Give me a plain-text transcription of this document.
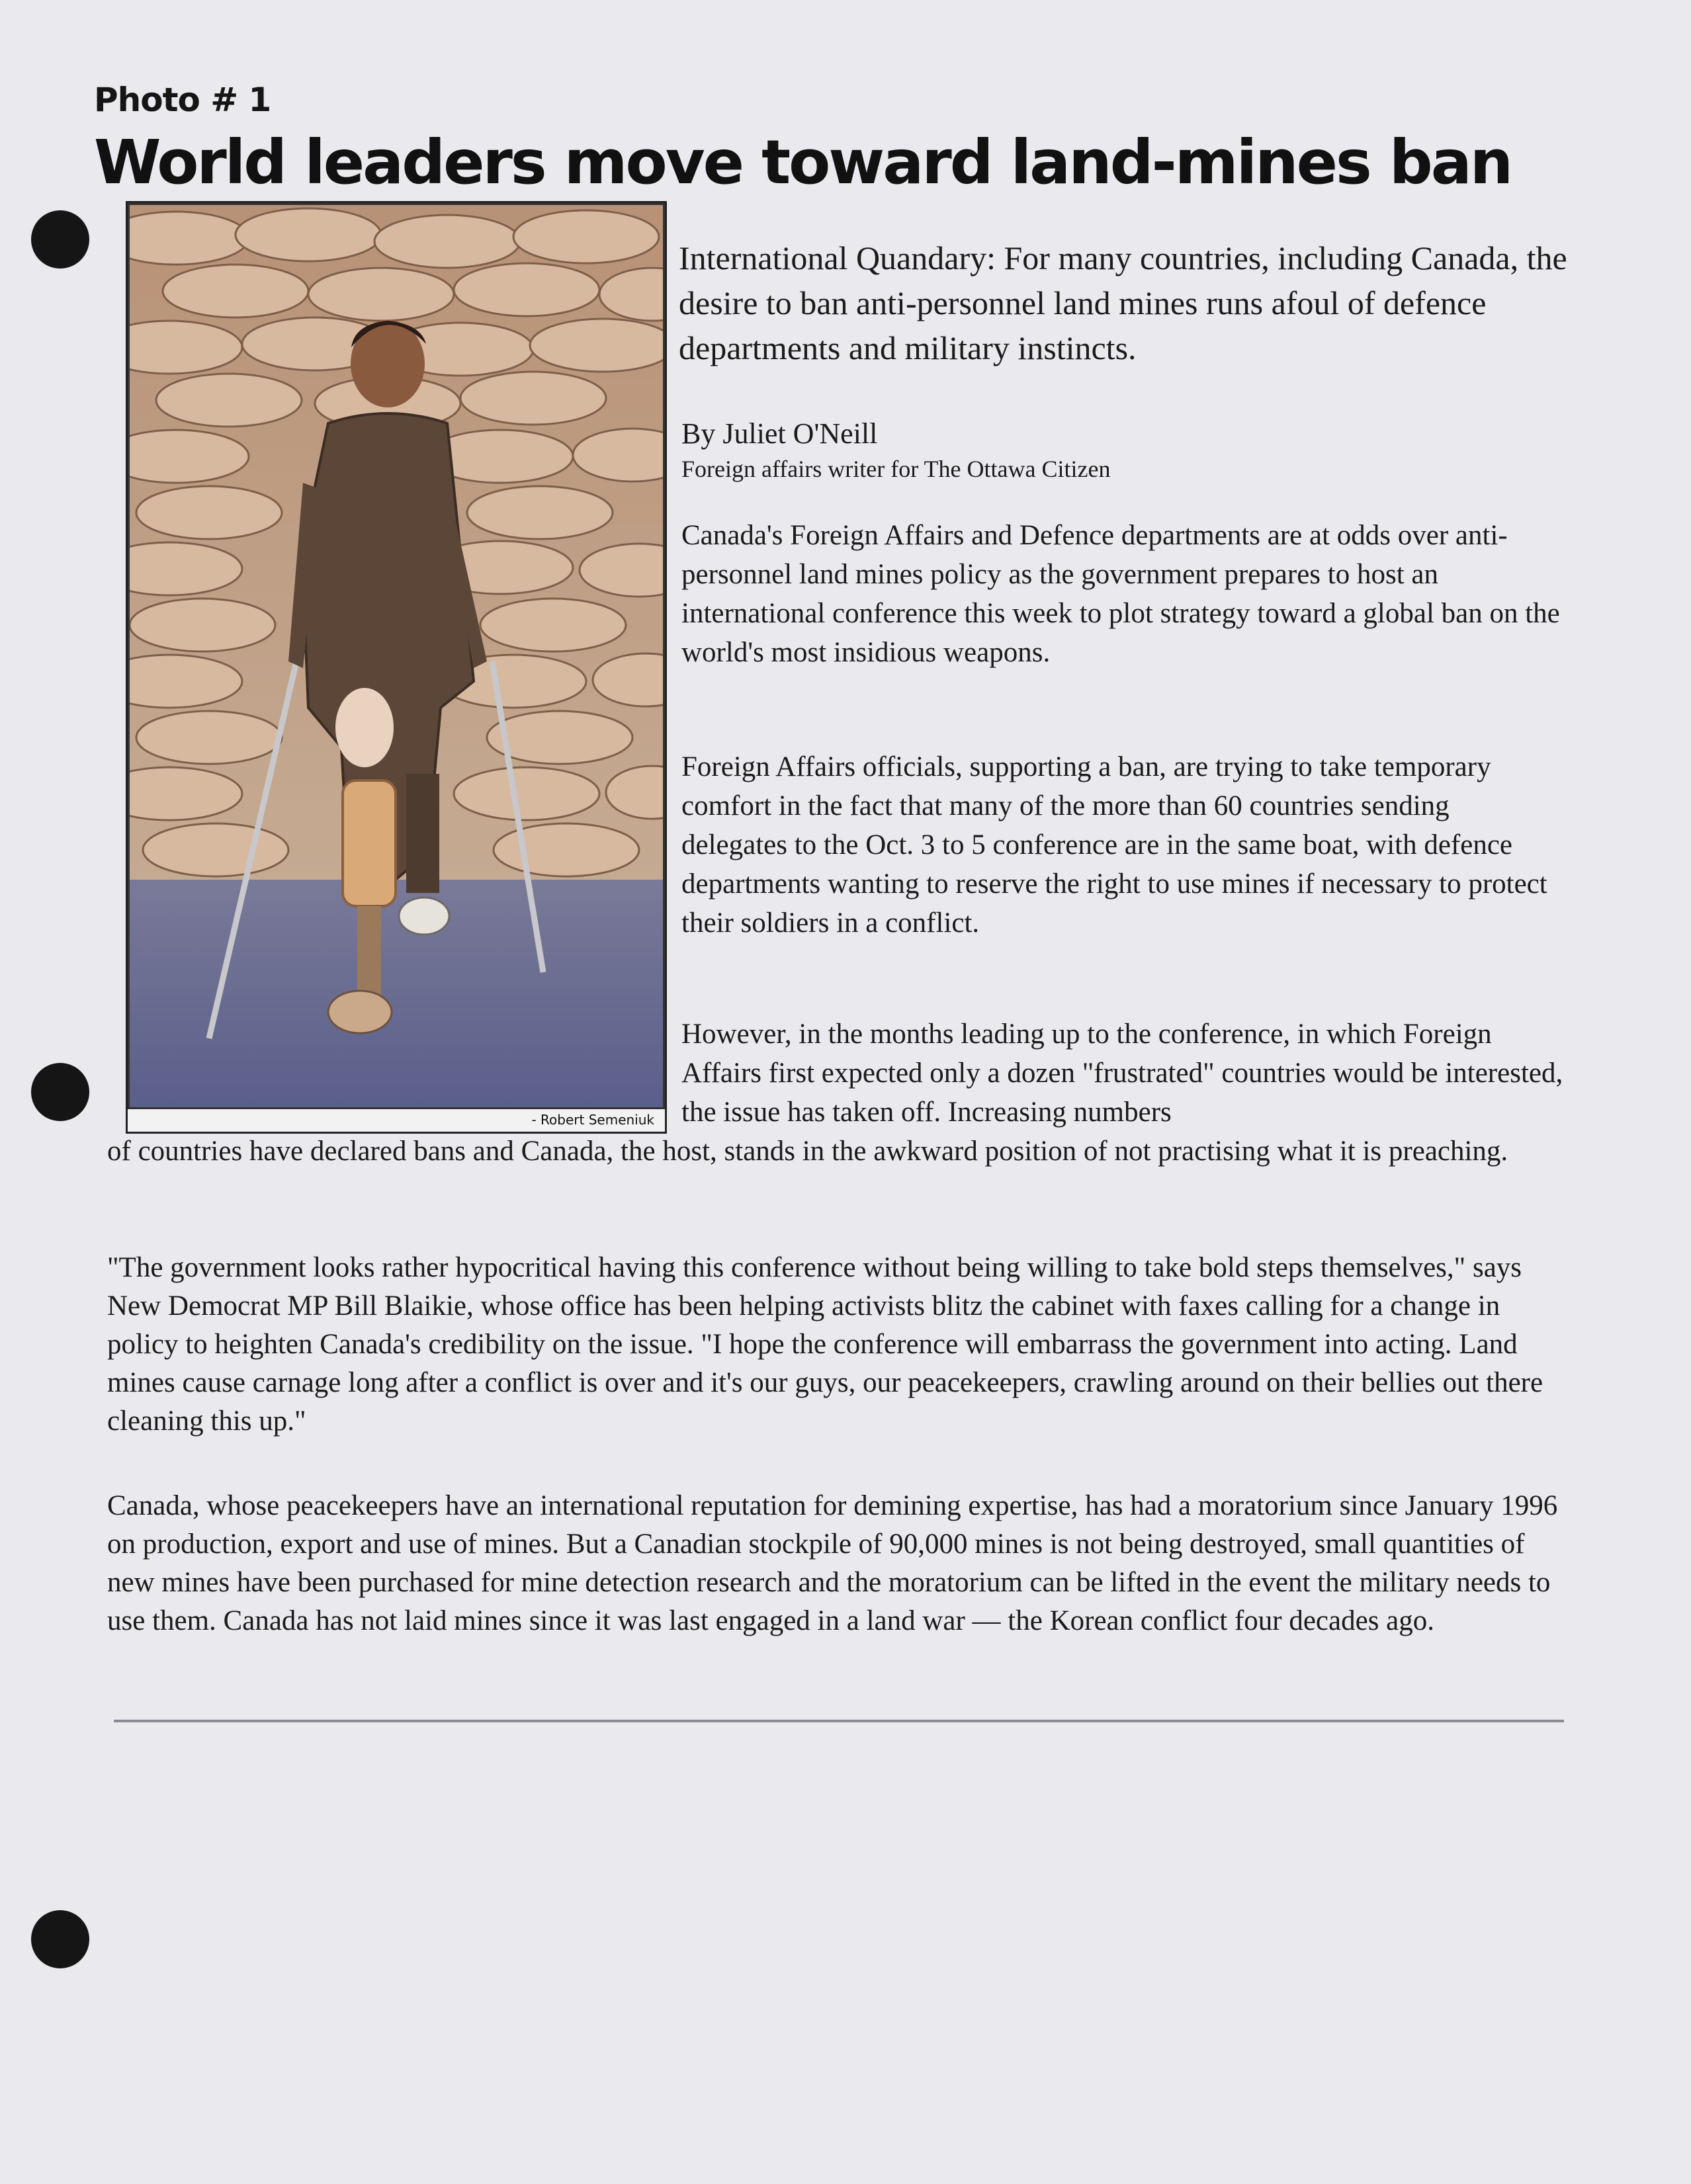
Photo # 1
World leaders move toward land-mines ban
- Robert Semeniuk
International Quandary: For many countries, including Canada, the desire to ban anti-personnel land mines runs afoul of defence departments and military instincts.
By Juliet O'Neill
Foreign affairs writer for The Ottawa Citizen

Canada's Foreign Affairs and Defence departments are at odds over anti-personnel land mines policy as the government prepares to host an international conference this week to plot strategy toward a global ban on the world's most insidious weapons.

Foreign Affairs officials, supporting a ban, are trying to take temporary comfort in the fact that many of the more than 60 countries sending delegates to the Oct. 3 to 5 conference are in the same boat, with defence departments wanting to reserve the right to use mines if necessary to protect their soldiers in a conflict.

However, in the months leading up to the conference, in which Foreign Affairs first expected only a dozen "frustrated" countries would be interested, the issue has taken off. Increasing numbers

of countries have declared bans and Canada, the host, stands in the awkward position of not practising what it is preaching.

"The government looks rather hypocritical having this conference without being willing to take bold steps themselves," says New Democrat MP Bill Blaikie, whose office has been helping activists blitz the cabinet with faxes calling for a change in policy to heighten Canada's credibility on the issue. "I hope the conference will embarrass the government into acting. Land mines cause carnage long after a conflict is over and it's our guys, our peacekeepers, crawling around on their bellies out there cleaning this up."

Canada, whose peacekeepers have an international reputation for demining expertise, has had a moratorium since January 1996 on production, export and use of mines. But a Canadian stockpile of 90,000 mines is not being destroyed, small quantities of new mines have been purchased for mine detection research and the moratorium can be lifted in the event the military needs to use them. Canada has not laid mines since it was last engaged in a land war — the Korean conflict four decades ago.
